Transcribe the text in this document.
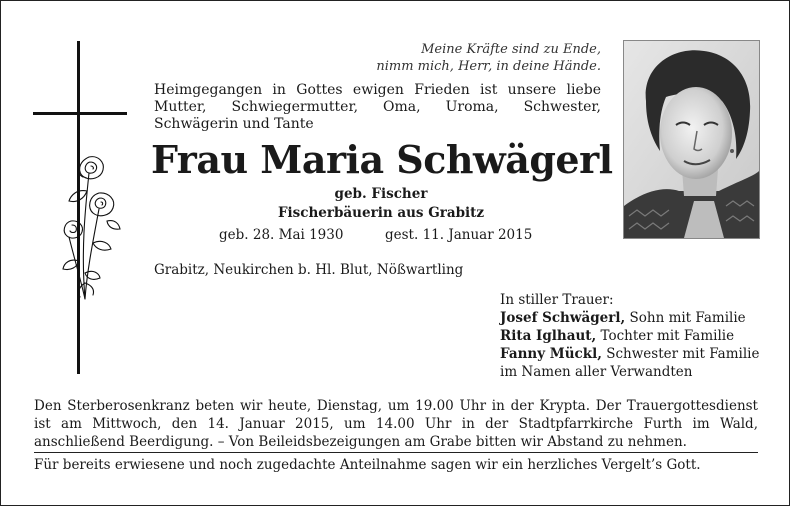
Meine Kräfte sind zu Ende,
nimm mich, Herr, in deine Hände.
Heimgegangen in Gottes ewigen Frieden ist unsere liebe Mutter, Schwiegermutter, Oma, Uroma, Schwester, Schwägerin und Tante
Frau Maria Schwägerl
geb. Fischer
Fischerbäuerin aus Grabitz
geb. 28. Mai 1930	gest. 11. Januar 2015
Grabitz, Neukirchen b. Hl. Blut, Nößwartling
In stiller Trauer:
Josef Schwägerl, Sohn mit Familie
Rita Iglhaut, Tochter mit Familie
Fanny Mückl, Schwester mit Familie
im Namen aller Verwandten
Den Sterberosenkranz beten wir heute, Dienstag, um 19.00 Uhr in der Krypta. Der Trauergottesdienst ist am Mittwoch, den 14. Januar 2015, um 14.00 Uhr in der Stadtpfarrkirche Furth im Wald, anschließend Beerdigung. – Von Beileidsbezeigungen am Grabe bitten wir Abstand zu nehmen.
Für bereits erwiesene und noch zugedachte Anteilnahme sagen wir ein herzliches Vergelt’s Gott.
